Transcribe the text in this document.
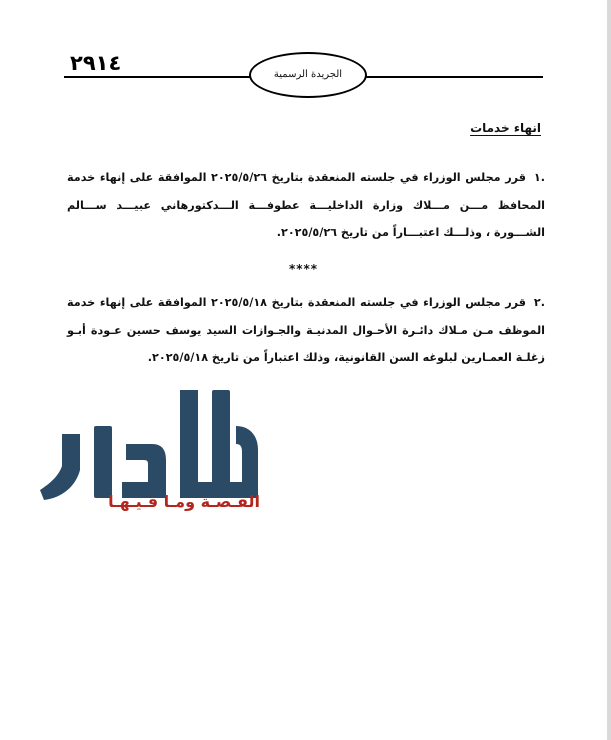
٢٩١٤	الجريدة الرسمية
انهاء خدمات
.١قرر مجلس الوزراء في جلسته المنعقدة بتاريخ ٢٠٢٥/٥/٢٦ الموافقة على إنهاء خدمة المحافظ مـــن مـــلاك وزارة الداخليـــة عطوفـــة الـــدكتورهاني عبيـــد ســـالم الشـــورة ، وذلـــك اعتبـــاراً من تاريخ ٢٠٢٥/٥/٢٦.
****
.٢قرر مجلس الوزراء في جلسته المنعقدة بتاريخ ٢٠٢٥/٥/١٨ الموافقة على إنهاء خدمة الموظف مـن مـلاك دائـرة الأحـوال المدنيـة والجـوازات السيد يوسف حسين عـودة أبـو زغلـة العمـارين لبلوغه السن القانونية، وذلك اعتباراً من تاريخ ٢٠٢٥/٥/١٨.
القـصـة ومـا فـيـهـا
